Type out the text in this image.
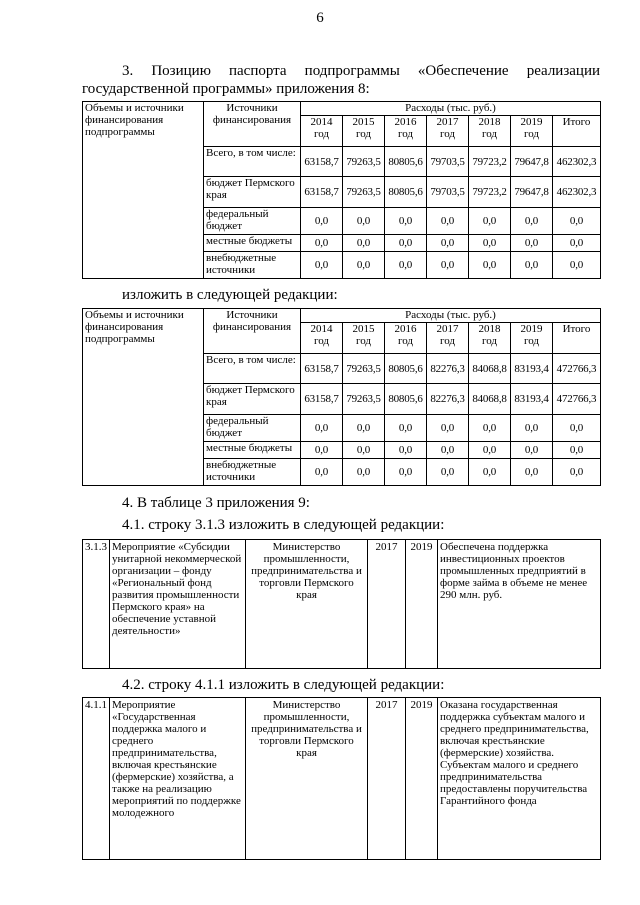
6
3. Позицию паспорта подпрограммы «Обеспечение реализации
государственной программы» приложения 8:
Объемы и источники финансирования подпрограммы	Источники финансирования	Расходы (тыс. руб.)						
		2014 год	2015 год	2016 год	2017 год	2018 год	2019 год	Итого
	Всего, в том числе:	63158,7	79263,5	80805,6	79703,5	79723,2	79647,8	462302,3
	бюджет Пермского края	63158,7	79263,5	80805,6	79703,5	79723,2	79647,8	462302,3
	федеральный бюджет	0,0	0,0	0,0	0,0	0,0	0,0	0,0
	местные бюджеты	0,0	0,0	0,0	0,0	0,0	0,0	0,0
	внебюджетные источники	0,0	0,0	0,0	0,0	0,0	0,0	0,0
изложить в следующей редакции:
Объемы и источники финансирования подпрограммы	Источники финансирования	Расходы (тыс. руб.)						
		2014 год	2015 год	2016 год	2017 год	2018 год	2019 год	Итого
	Всего, в том числе:	63158,7	79263,5	80805,6	82276,3	84068,8	83193,4	472766,3
	бюджет Пермского края	63158,7	79263,5	80805,6	82276,3	84068,8	83193,4	472766,3
	федеральный бюджет	0,0	0,0	0,0	0,0	0,0	0,0	0,0
	местные бюджеты	0,0	0,0	0,0	0,0	0,0	0,0	0,0
	внебюджетные источники	0,0	0,0	0,0	0,0	0,0	0,0	0,0
4. В таблице 3 приложения 9:
4.1. строку 3.1.3 изложить в следующей редакции:
3.1.3	Мероприятие «Субсидии унитарной некоммерческой организации – фонду «Региональный фонд развития промышленности Пермского края» на обеспечение уставной деятельности»	Министерство промышленности, предпринимательства и торговли Пермского края	2017	2019	Обеспечена поддержка инвестиционных проектов промышленных предприятий в форме займа в объеме не менее 290 млн. руб.
4.2. строку 4.1.1 изложить в следующей редакции:
4.1.1	Мероприятие «Государственная поддержка малого и среднего предпринимательства, включая крестьянские (фермерские) хозяйства, а также на реализацию мероприятий по поддержке молодежного	Министерство промышленности, предпринимательства и торговли Пермского края	2017	2019	Оказана государственная поддержка субъектам малого и среднего предпринимательства, включая крестьянские (фермерские) хозяйства. Субъектам малого и среднего предпринимательства предоставлены поручительства Гарантийного фонда
